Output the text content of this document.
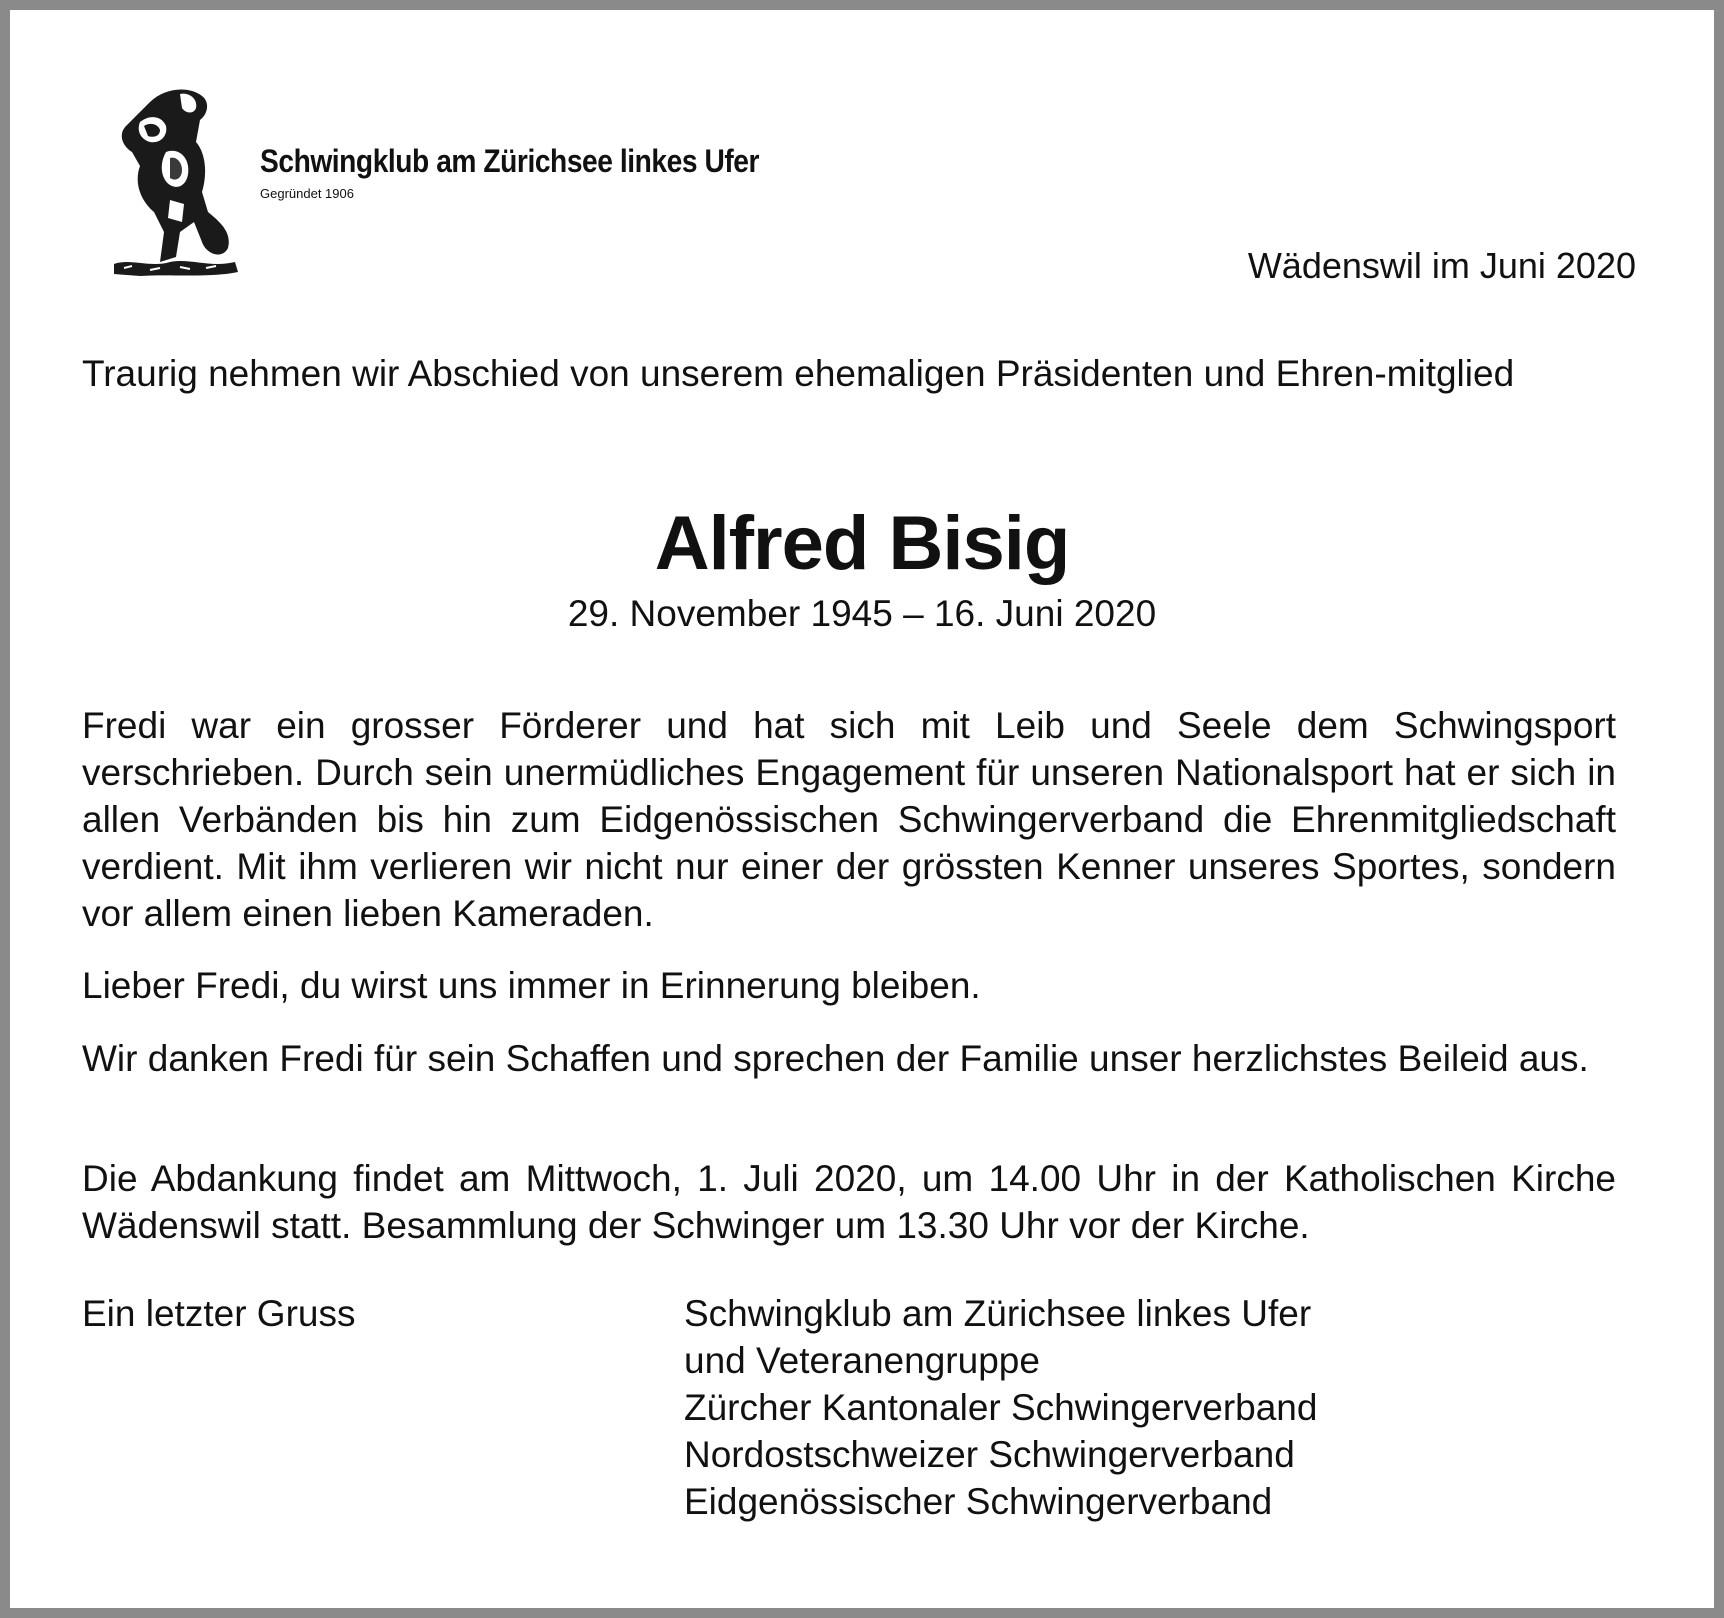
Schwingklub am Zürichsee linkes Ufer
Gegründet 1906
Wädenswil im Juni 2020
Traurig nehmen wir Abschied von unserem ehemaligen Präsidenten und Ehren-mitglied
Alfred Bisig
29. November 1945 – 16. Juni 2020
Fredi war ein grosser Förderer und hat sich mit Leib und Seele dem Schwingsport verschrieben. Durch sein unermüdliches Engagement für unseren Nationalsport hat er sich in allen Verbänden bis hin zum Eidgenössischen Schwingerverband die Ehrenmitgliedschaft verdient. Mit ihm verlieren wir nicht nur einer der grössten Kenner unseres Sportes, sondern vor allem einen lieben Kameraden.
Lieber Fredi, du wirst uns immer in Erinnerung bleiben.
Wir danken Fredi für sein Schaffen und sprechen der Familie unser herzlichstes Beileid aus.
Die Abdankung findet am Mittwoch, 1. Juli 2020, um 14.00 Uhr in der Katholischen Kirche Wädenswil statt. Besammlung der Schwinger um 13.30 Uhr vor der Kirche.
Ein letzter Gruss	Schwingklub am Zürichsee linkes Ufer
und Veteranengruppe
Zürcher Kantonaler Schwingerverband
Nordostschweizer Schwingerverband
Eidgenössischer Schwingerverband
